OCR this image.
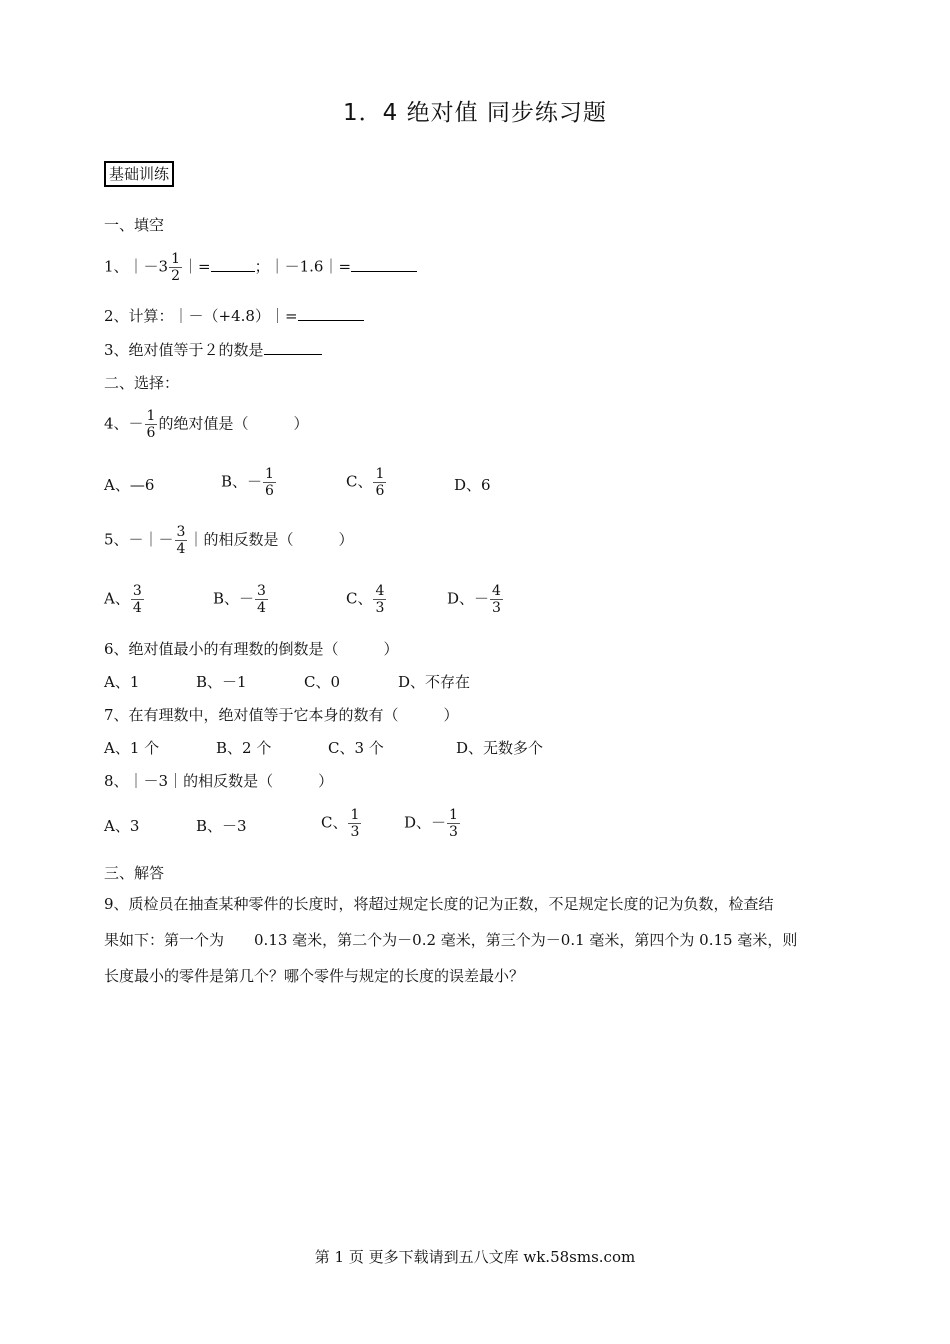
1．4 绝对值 同步练习题
基础训练
一、填空
1、｜－3 $\frac{1}{2}$ ｜=	；｜－1.6｜=
2、计算：｜－（+4.8）｜=
3、绝对值等于２的数是
二、选择：
4、－ $\frac{1}{6}$ 的绝对值是（　　　）
A、—6	B、－ $\frac{1}{6}$	C、 $\frac{1}{6}$	D、6
5、－｜－ $\frac{3}{4}$ ｜的相反数是（　　　）
A、 $\frac{3}{4}$	B、－ $\frac{3}{4}$	C、 $\frac{4}{3}$	D、－ $\frac{4}{3}$
6、绝对值最小的有理数的倒数是（　　　）
A、1	B、－1	C、0	D、不存在
7、在有理数中，绝对值等于它本身的数有（　　　）
A、1 个	B、2 个	C、3 个	D、无数多个
8、｜－3｜的相反数是（　　　）
A、3	B、－3	C、 $\frac{1}{3}$	D、－ $\frac{1}{3}$
三、解答
9、质检员在抽查某种零件的长度时，将超过规定长度的记为正数，不足规定长度的记为负数，检查结
果如下：第一个为　　0.13 毫米，第二个为－0.2 毫米，第三个为－0.1 毫米，第四个为 0.15 毫米，则
长度最小的零件是第几个？哪个零件与规定的长度的误差最小？
第 1 页 更多下载请到五八文库 wk.58sms.com
